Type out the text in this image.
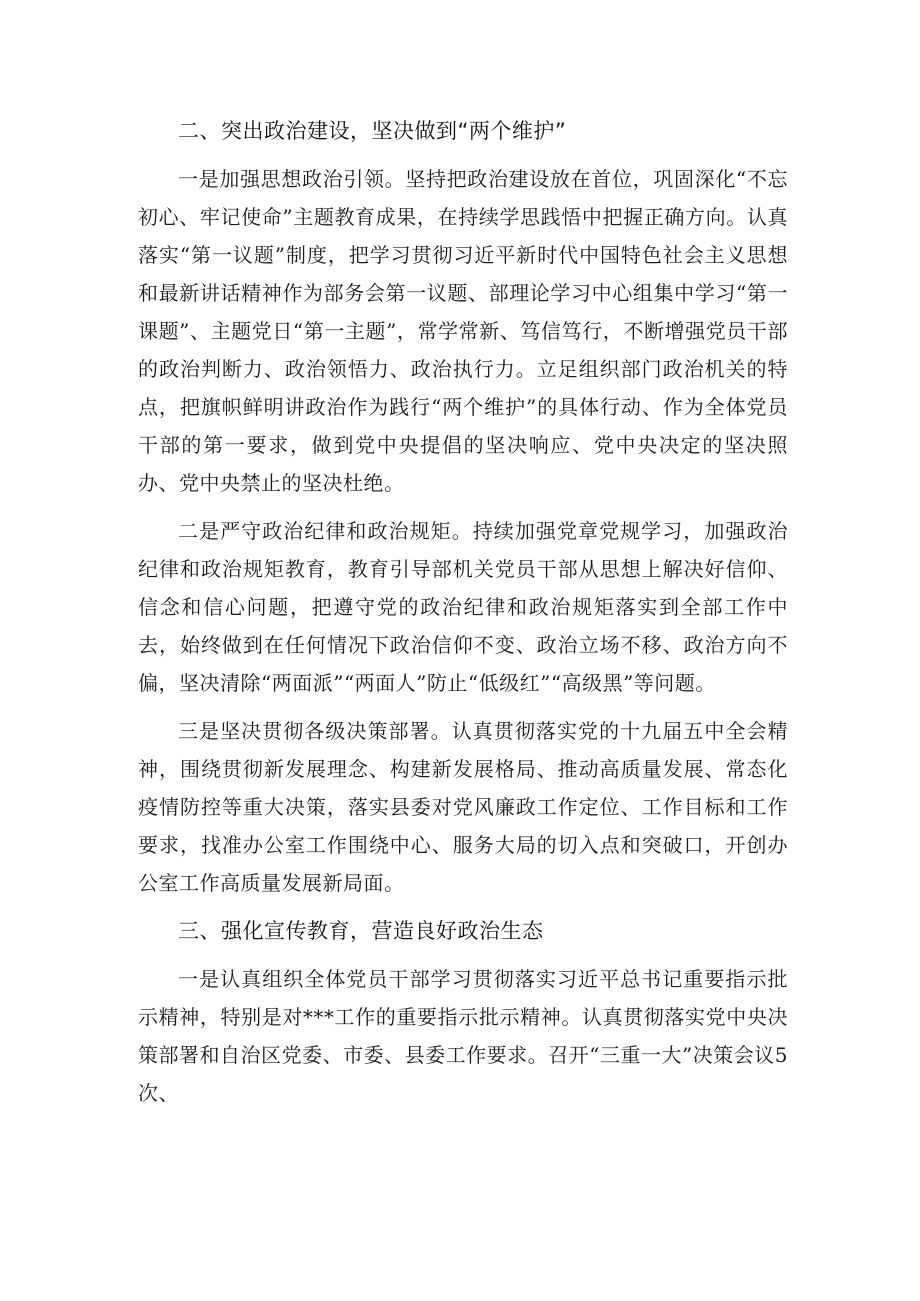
二、突出政治建设，坚决做到“两个维护”

一是加强思想政治引领。坚持把政治建设放在首位，巩固深化“不忘初心、牢记使命”主题教育成果，在持续学思践悟中把握正确方向。认真落实“第一议题”制度，把学习贯彻习近平新时代中国特色社会主义思想和最新讲话精神作为部务会第一议题、部理论学习中心组集中学习“第一课题”、主题党日“第一主题”，常学常新、笃信笃行，不断增强党员干部的政治判断力、政治领悟力、政治执行力。立足组织部门政治机关的特点，把旗帜鲜明讲政治作为践行“两个维护”的具体行动、作为全体党员干部的第一要求，做到党中央提倡的坚决响应、党中央决定的坚决照办、党中央禁止的坚决杜绝。

二是严守政治纪律和政治规矩。持续加强党章党规学习，加强政治纪律和政治规矩教育，教育引导部机关党员干部从思想上解决好信仰、信念和信心问题，把遵守党的政治纪律和政治规矩落实到全部工作中去，始终做到在任何情况下政治信仰不变、政治立场不移、政治方向不偏，坚决清除“两面派”“两面人”防止“低级红”“高级黑”等问题。

三是坚决贯彻各级决策部署。认真贯彻落实党的十九届五中全会精神，围绕贯彻新发展理念、构建新发展格局、推动高质量发展、常态化疫情防控等重大决策，落实县委对党风廉政工作定位、工作目标和工作要求，找准办公室工作围绕中心、服务大局的切入点和突破口，开创办公室工作高质量发展新局面。

三、强化宣传教育，营造良好政治生态

一是认真组织全体党员干部学习贯彻落实习近平总书记重要指示批示精神，特别是对***工作的重要指示批示精神。认真贯彻落实党中央决策部署和自治区党委、市委、县委工作要求。召开“三重一大”决策会议5次、
